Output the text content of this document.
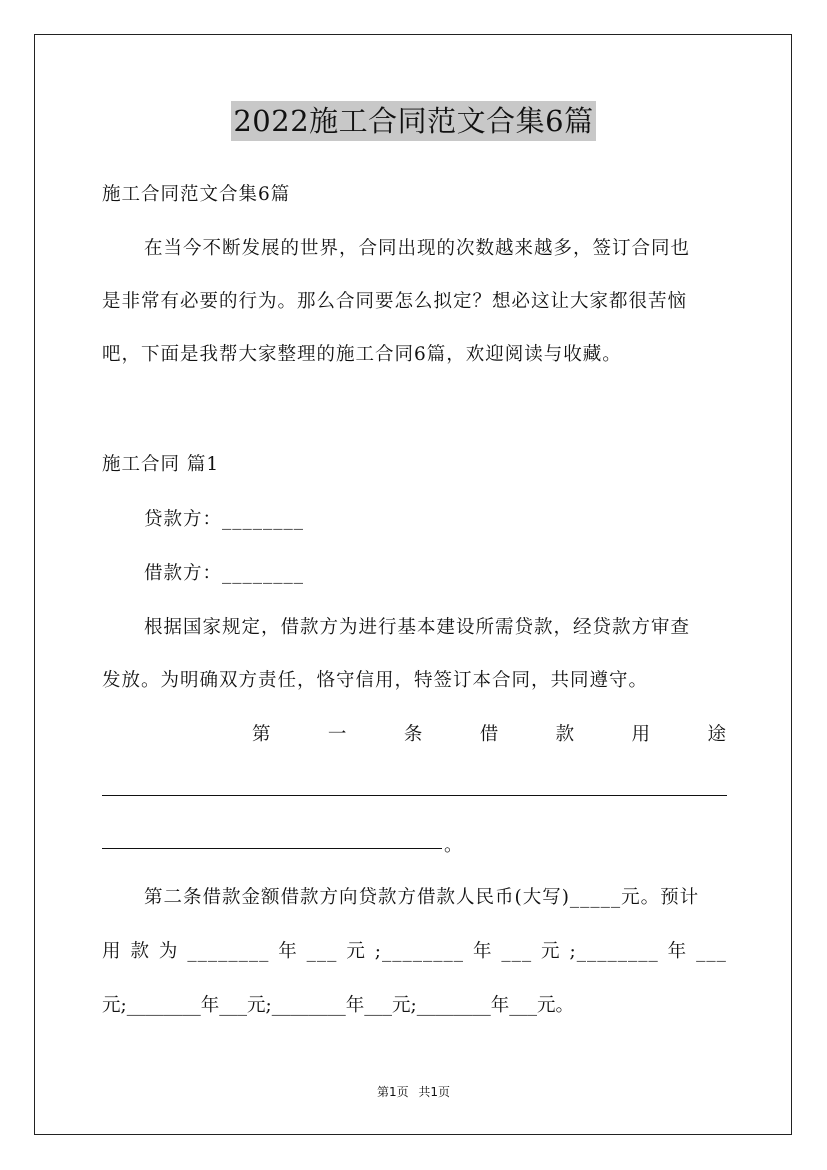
2022施工合同范文合集6篇
施工合同范文合集6篇
在当今不断发展的世界，合同出现的次数越来越多，签订合同也
是非常有必要的行为。那么合同要怎么拟定？想必这让大家都很苦恼
吧，下面是我帮大家整理的施工合同6篇，欢迎阅读与收藏。
施工合同 篇1
贷款方：________
借款方：________
根据国家规定，借款方为进行基本建设所需贷款，经贷款方审查
发放。为明确双方责任，恪守信用，特签订本合同，共同遵守。
第	一	条	借	款	用	途
。
第二条借款金额借款方向贷款方借款人民币(大写)_____元。预计
用 款 为 ________ 年 ___ 元 ;________ 年 ___ 元 ;________ 年 ___
元;________年___元;________年___元;________年___元。
第1页 共1页
